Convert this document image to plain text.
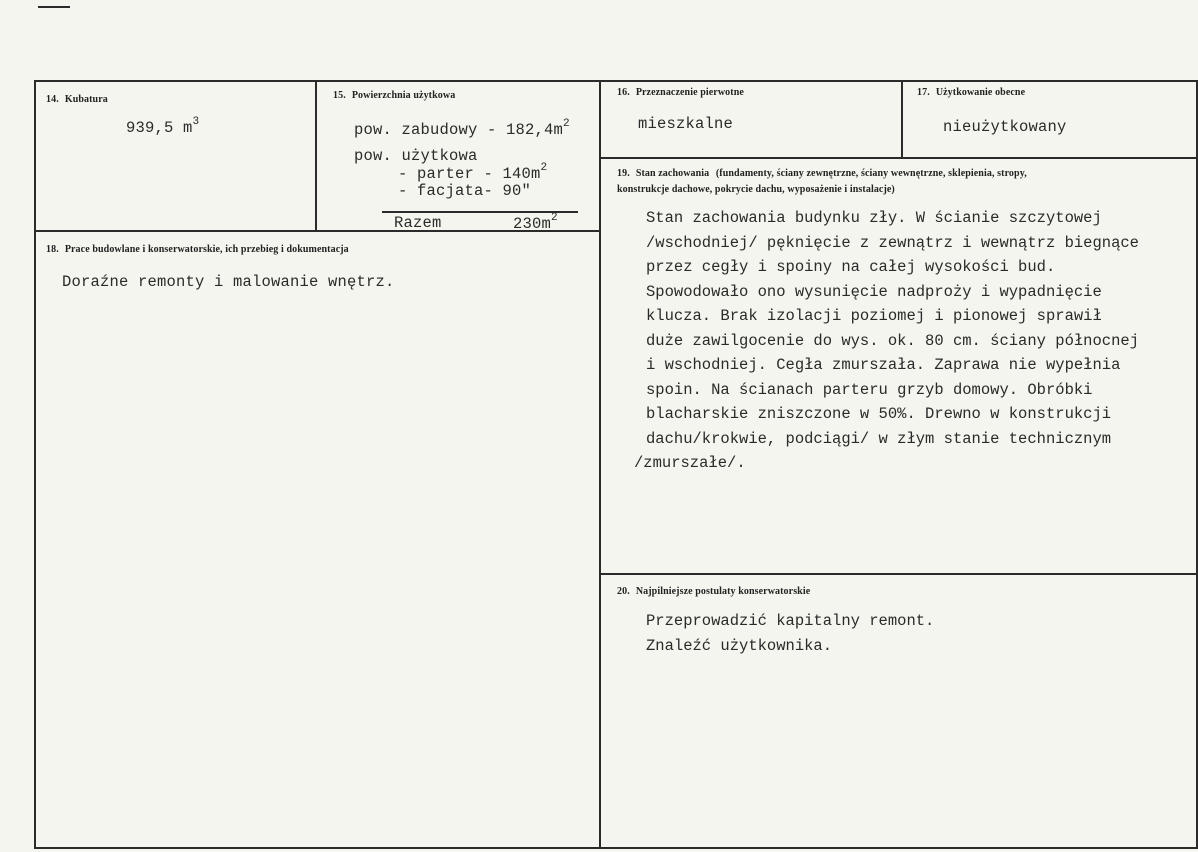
14. Kubatura
939,5 $m^3$
15. Powierzchnia użytkowa
pow. zabudowy - $182,4m^2$
pow. użytkowa
- parter - $140m^2$
- facjata- 90"
Razem	$230m^2$
16. Przeznaczenie pierwotne
mieszkalne
17. Użytkowanie obecne
nieużytkowany
18. Prace budowlane i konserwatorskie, ich przebieg i dokumentacja
Doraźne remonty i malowanie wnętrz.
19. Stan zachowania (fundamenty, ściany zewnętrzne, ściany wewnętrzne, sklepienia, stropy,
konstrukcje dachowe, pokrycie dachu, wyposażenie i instalacje)
Stan zachowania budynku zły. W ścianie szczytowej
/wschodniej/ pęknięcie z zewnątrz i wewnątrz biegnące
przez cegły i spoiny na całej wysokości bud.
Spowodowało ono wysunięcie nadproży i wypadnięcie
klucza. Brak izolacji poziomej i pionowej sprawił
duże zawilgocenie do wys. ok. 80 cm. ściany północnej
i wschodniej. Cegła zmurszała. Zaprawa nie wypełnia
spoin. Na ścianach parteru grzyb domowy. Obróbki
blacharskie zniszczone w 50%. Drewno w konstrukcji
dachu/krokwie, podciągi/ w złym stanie technicznym
/zmurszałe/.
20. Najpilniejsze postulaty konserwatorskie
Przeprowadzić kapitalny remont.
Znaleźć użytkownika.
